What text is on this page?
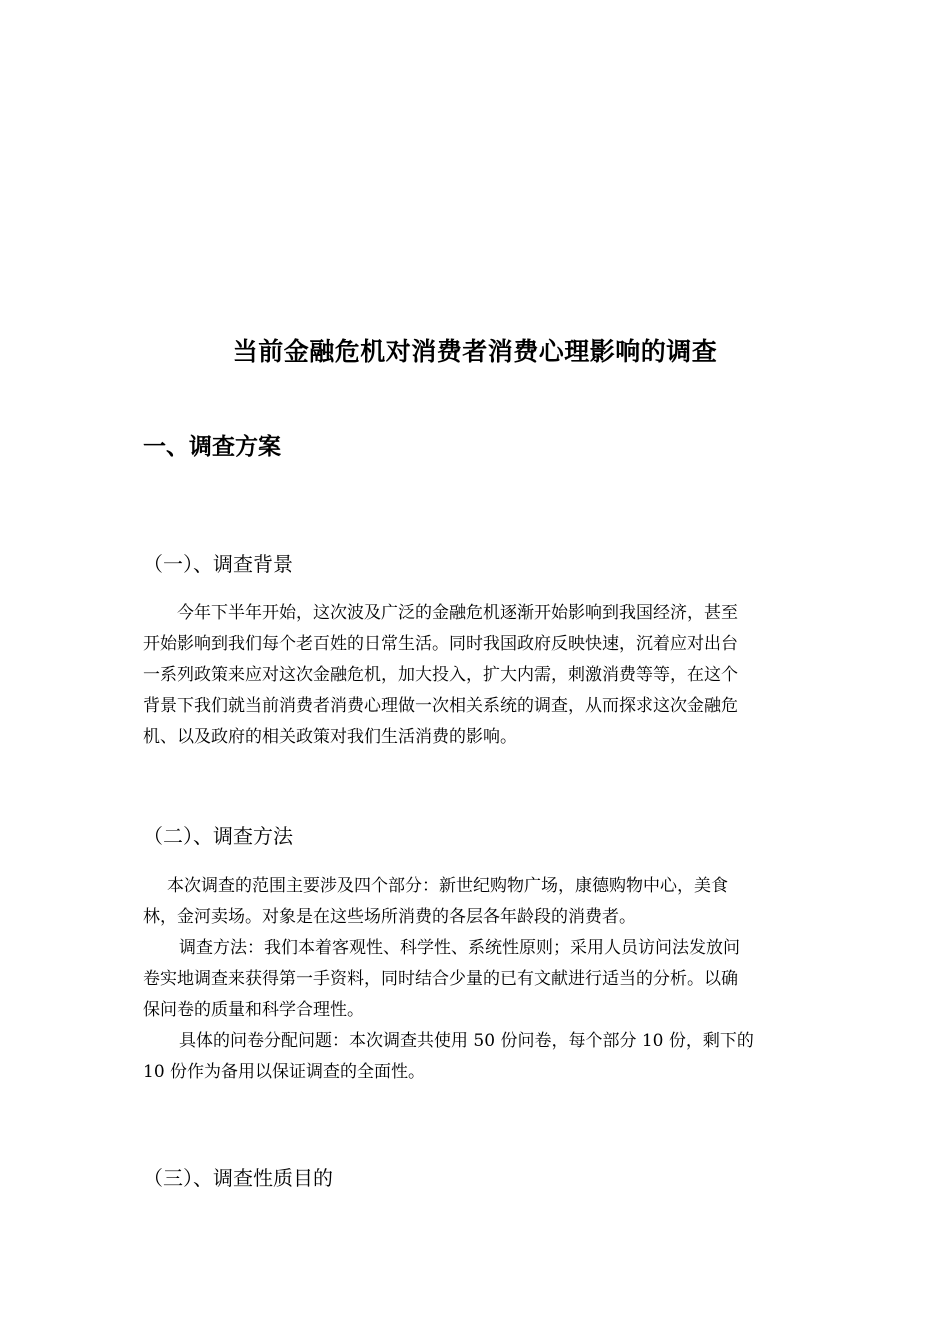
当前金融危机对消费者消费心理影响的调查
一、调查方案
（一）、调查背景
今年下半年开始，这次波及广泛的金融危机逐渐开始影响到我国经济，甚至
开始影响到我们每个老百姓的日常生活。同时我国政府反映快速，沉着应对出台
一系列政策来应对这次金融危机，加大投入，扩大内需，刺激消费等等，在这个
背景下我们就当前消费者消费心理做一次相关系统的调查，从而探求这次金融危
机、以及政府的相关政策对我们生活消费的影响。
（二）、调查方法
本次调查的范围主要涉及四个部分：新世纪购物广场，康德购物中心，美食
林，金河卖场。对象是在这些场所消费的各层各年龄段的消费者。
调查方法：我们本着客观性、科学性、系统性原则；采用人员访问法发放问
卷实地调查来获得第一手资料，同时结合少量的已有文献进行适当的分析。以确
保问卷的质量和科学合理性。
具体的问卷分配问题：本次调查共使用 50 份问卷，每个部分 10 份，剩下的
10 份作为备用以保证调查的全面性。
（三）、调查性质目的
